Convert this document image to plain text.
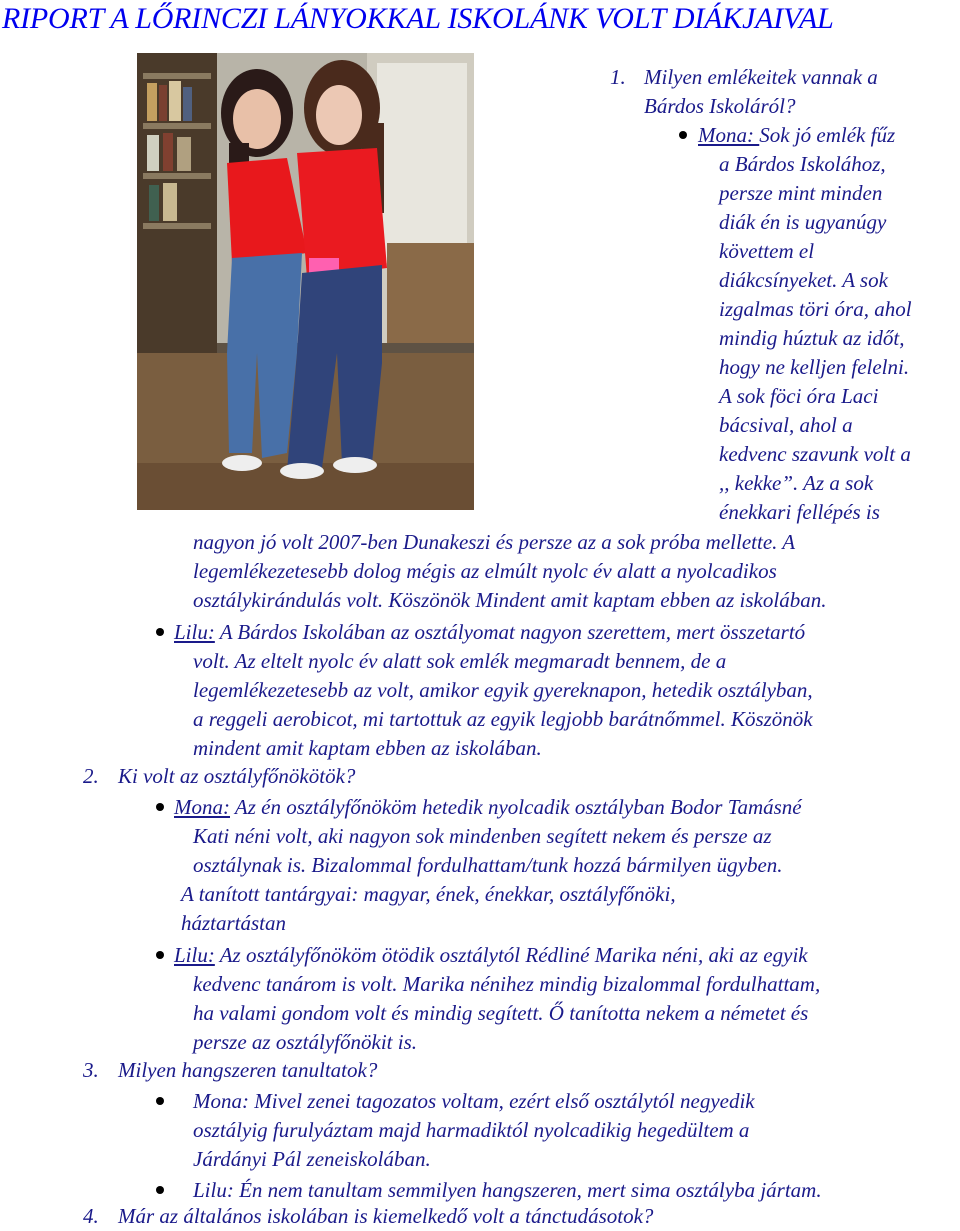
RIPORT A LŐRINCZI LÁNYOKKAL ISKOLÁNK VOLT DIÁKJAIVAL
1. Milyen emlékeitek vannak a
Bárdos Iskoláról?
Mona: Sok jó emlék fűz
a Bárdos Iskolához,
persze mint minden
diák én is ugyanúgy
követtem el
diákcsínyeket. A sok
izgalmas töri óra, ahol
mindig húztuk az időt,
hogy ne kelljen felelni.
A sok föci óra Laci
bácsival, ahol a
kedvenc szavunk volt a
,, kekke”. Az a sok
énekkari fellépés is
nagyon jó volt 2007-ben Dunakeszi és persze az a sok próba mellette. A
legemlékezetesebb dolog mégis az elmúlt nyolc év alatt a nyolcadikos
osztálykirándulás volt. Köszönök Mindent amit kaptam ebben az iskolában.
Lilu: A Bárdos Iskolában az osztályomat nagyon szerettem, mert összetartó
volt. Az eltelt nyolc év alatt sok emlék megmaradt bennem, de a
legemlékezetesebb az volt, amikor egyik gyereknapon, hetedik osztályban,
a reggeli aerobicot, mi tartottuk az egyik legjobb barátnőmmel. Köszönök
mindent amit kaptam ebben az iskolában.
2. Ki volt az osztályfőnökötök?
Mona: Az én osztályfőnököm hetedik nyolcadik osztályban Bodor Tamásné
Kati néni volt, aki nagyon sok mindenben segített nekem és persze az
osztálynak is. Bizalommal fordulhattam/tunk hozzá bármilyen ügyben.
A tanított tantárgyai: magyar, ének, énekkar, osztályfőnöki,
háztartástan
Lilu: Az osztályfőnököm ötödik osztálytól Rédliné Marika néni, aki az egyik
kedvenc tanárom is volt. Marika nénihez mindig bizalommal fordulhattam,
ha valami gondom volt és mindig segített. Ő tanította nekem a németet és
persze az osztályfőnökit is.
3. Milyen hangszeren tanultatok?
Mona: Mivel zenei tagozatos voltam, ezért első osztálytól negyedik
osztályig furulyáztam majd harmadiktól nyolcadikig hegedültem a
Járdányi Pál zeneiskolában.
Lilu: Én nem tanultam semmilyen hangszeren, mert sima osztályba jártam.
4. Már az általános iskolában is kiemelkedő volt a tánctudásotok?
